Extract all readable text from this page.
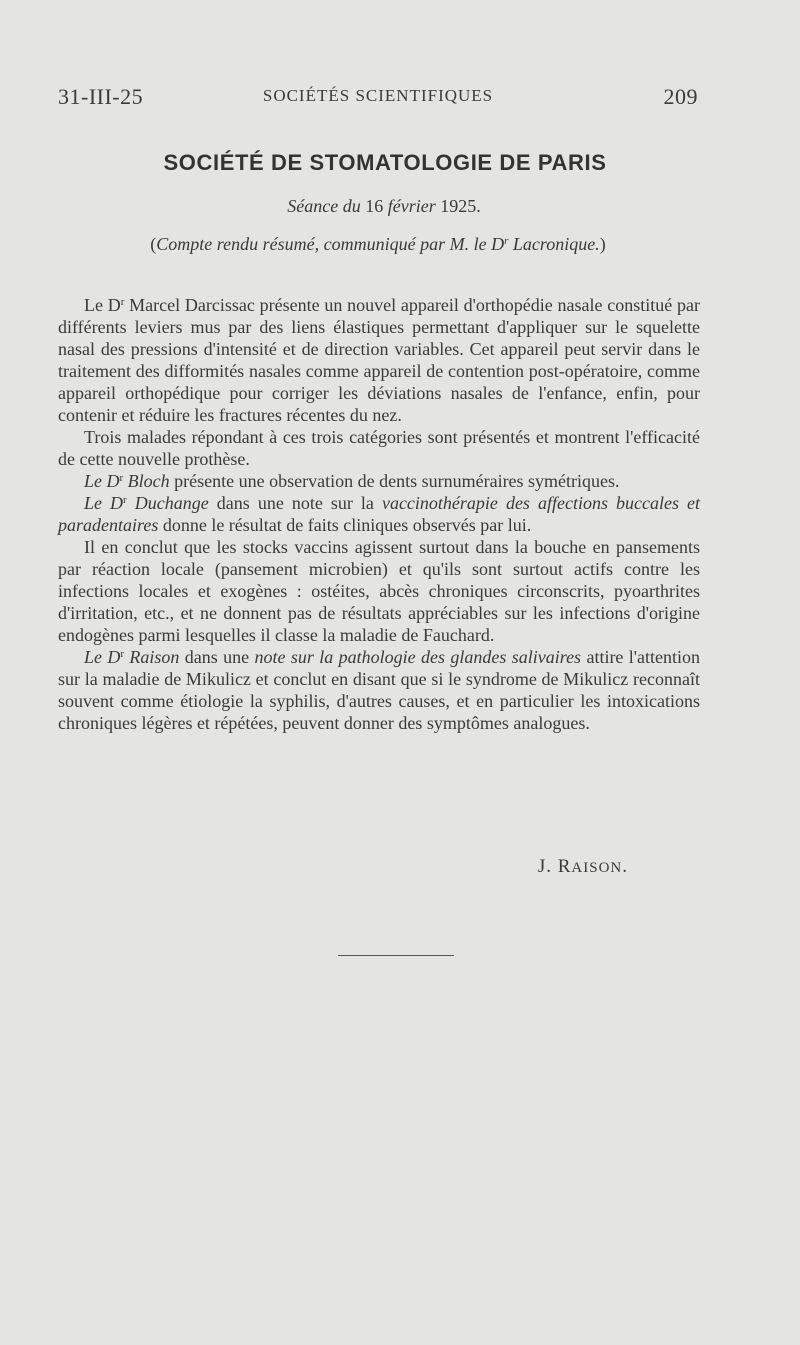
31-III-25	SOCIÉTÉS SCIENTIFIQUES	209
SOCIÉTÉ DE STOMATOLOGIE DE PARIS
Séance du 16 février 1925.
(Compte rendu résumé, communiqué par M. le $D^r$ Lacronique.)

Le $D^r$ Marcel Darcissac présente un nouvel appareil d'orthopédie nasale constitué par différents leviers mus par des liens élastiques permettant d'appliquer sur le squelette nasal des pressions d'intensité et de direction variables. Cet appareil peut servir dans le traitement des difformités nasales comme appareil de contention post-opératoire, comme appareil orthopédique pour corriger les déviations nasales de l'enfance, enfin, pour contenir et réduire les fractures récentes du nez.

Trois malades répondant à ces trois catégories sont présentés et montrent l'efficacité de cette nouvelle prothèse.

Le $D^r$ Bloch présente une observation de dents surnuméraires symétriques.

Le $D^r$ Duchange dans une note sur la vaccinothérapie des affections buccales et paradentaires donne le résultat de faits cliniques observés par lui.

Il en conclut que les stocks vaccins agissent surtout dans la bouche en pansements par réaction locale (pansement microbien) et qu'ils sont surtout actifs contre les infections locales et exogènes : ostéites, abcès chroniques circonscrits, pyoarthrites d'irritation, etc., et ne donnent pas de résultats appréciables sur les infections d'origine endogènes parmi lesquelles il classe la maladie de Fauchard.

Le $D^r$ Raison dans une note sur la pathologie des glandes salivaires attire l'attention sur la maladie de Mikulicz et conclut en disant que si le syndrome de Mikulicz reconnaît souvent comme étiologie la syphilis, d'autres causes, et en particulier les intoxications chroniques légères et répétées, peuvent donner des symptômes analogues.

J. RAISON.
